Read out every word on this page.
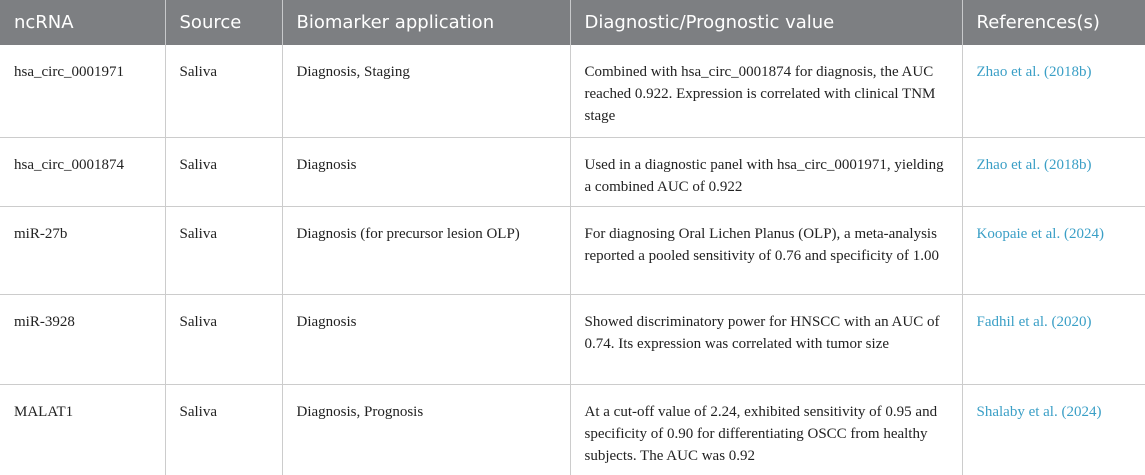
ncRNA	Source	Biomarker application	Diagnostic/Prognostic value	References(s)
hsa_circ_0001971	Saliva	Diagnosis, Staging	Combined with hsa_circ_0001874 for diagnosis, the AUC reached 0.922. Expression is correlated with clinical TNM stage	Zhao et al. (2018b)
hsa_circ_0001874	Saliva	Diagnosis	Used in a diagnostic panel with hsa_circ_0001971, yielding a combined AUC of 0.922	Zhao et al. (2018b)
miR-27b	Saliva	Diagnosis (for precursor lesion OLP)	For diagnosing Oral Lichen Planus (OLP), a meta-analysis reported a pooled sensitivity of 0.76 and specificity of 1.00	Koopaie et al. (2024)
miR-3928	Saliva	Diagnosis	Showed discriminatory power for HNSCC with an AUC of 0.74. Its expression was correlated with tumor size	Fadhil et al. (2020)
MALAT1	Saliva	Diagnosis, Prognosis	At a cut-off value of 2.24, exhibited sensitivity of 0.95 and specificity of 0.90 for differentiating OSCC from healthy subjects. The AUC was 0.92	Shalaby et al. (2024)
